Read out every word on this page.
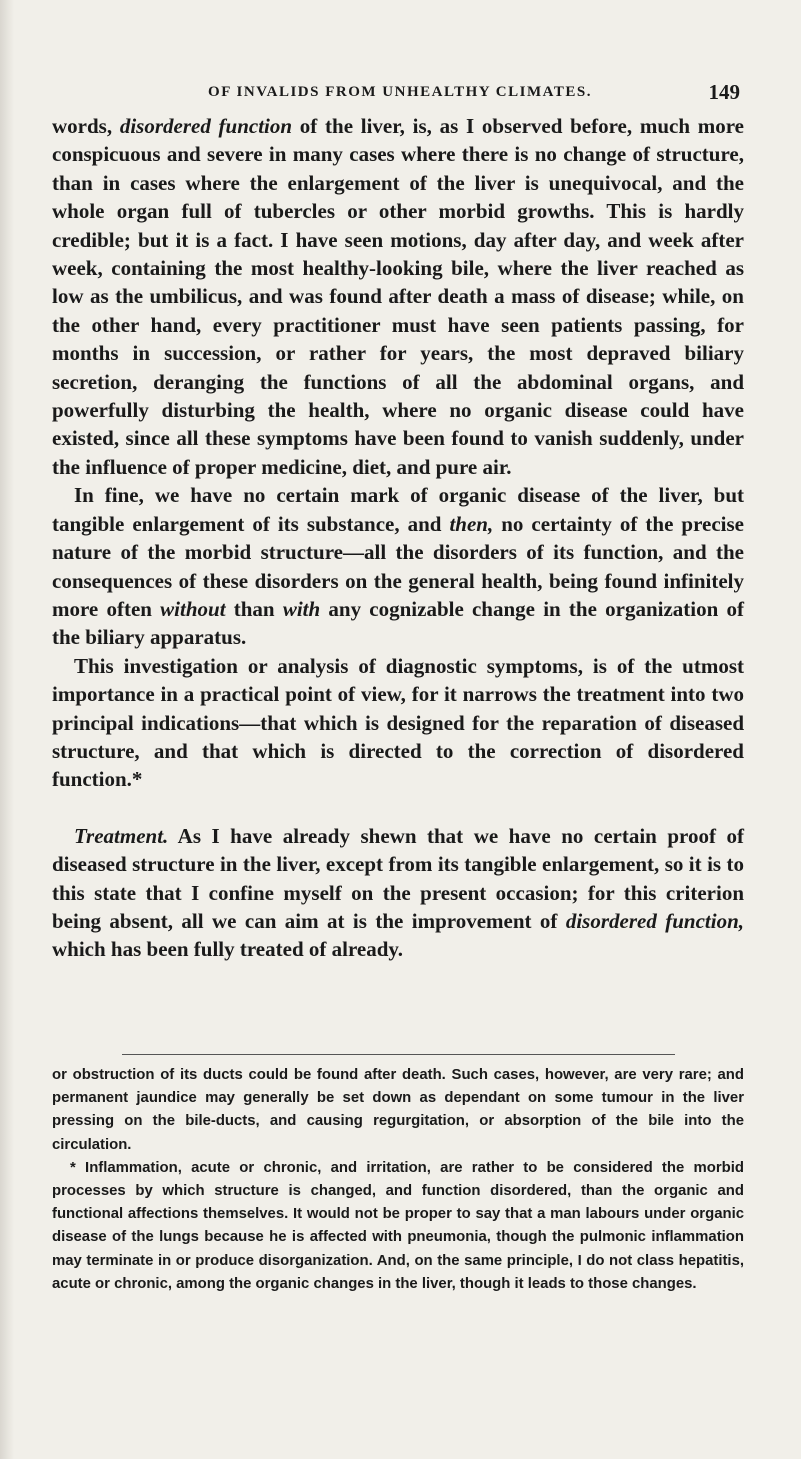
OF INVALIDS FROM UNHEALTHY CLIMATES.	149

words, disordered function of the liver, is, as I observed before, much more conspicuous and severe in many cases where there is no change of structure, than in cases where the enlargement of the liver is unequivocal, and the whole organ full of tubercles or other morbid growths. This is hardly credible; but it is a fact. I have seen motions, day after day, and week after week, containing the most healthy-looking bile, where the liver reached as low as the umbilicus, and was found after death a mass of disease; while, on the other hand, every practitioner must have seen patients passing, for months in succession, or rather for years, the most depraved biliary secretion, deranging the functions of all the abdominal organs, and powerfully disturbing the health, where no organic disease could have existed, since all these symptoms have been found to vanish suddenly, under the influence of proper medicine, diet, and pure air.

In fine, we have no certain mark of organic disease of the liver, but tangible enlargement of its substance, and then, no certainty of the precise nature of the morbid structure—all the disorders of its function, and the consequences of these disorders on the general health, being found infinitely more often without than with any cognizable change in the organization of the biliary apparatus.

This investigation or analysis of diagnostic symptoms, is of the utmost importance in a practical point of view, for it narrows the treatment into two principal indications—that which is designed for the reparation of diseased structure, and that which is directed to the correction of disordered function.*

Treatment. As I have already shewn that we have no certain proof of diseased structure in the liver, except from its tangible enlargement, so it is to this state that I confine myself on the present occasion; for this criterion being absent, all we can aim at is the improvement of disordered function, which has been fully treated of already.

or obstruction of its ducts could be found after death. Such cases, however, are very rare; and permanent jaundice may generally be set down as dependant on some tumour in the liver pressing on the bile-ducts, and causing regurgitation, or absorption of the bile into the circulation.

* Inflammation, acute or chronic, and irritation, are rather to be considered the morbid processes by which structure is changed, and function disordered, than the organic and functional affections themselves. It would not be proper to say that a man labours under organic disease of the lungs because he is affected with pneumonia, though the pulmonic inflammation may terminate in or produce disorganization. And, on the same principle, I do not class hepatitis, acute or chronic, among the organic changes in the liver, though it leads to those changes.
